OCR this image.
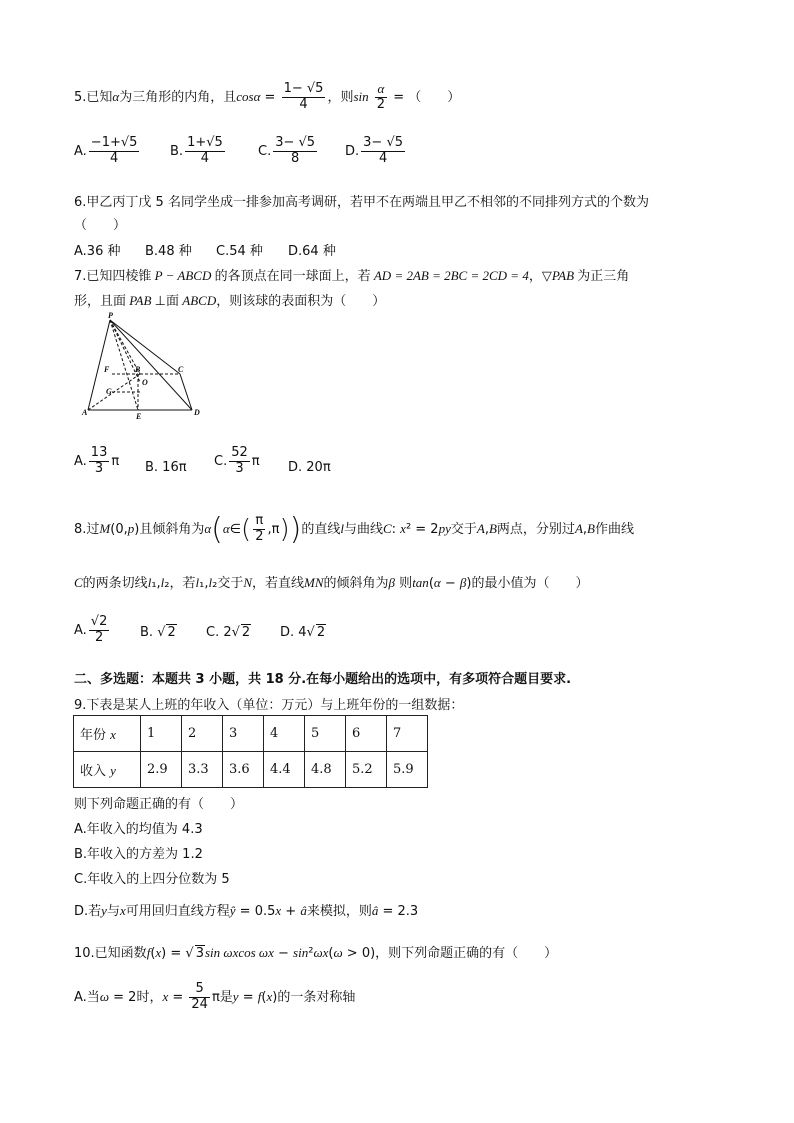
5.已知α为三角形的内角，且$\cos\alpha = \frac{1- √5}{4}$ ，则$\sin \frac{\alpha}{2}$ = （　　）
A. $\frac{-1+√5}{4} B$. $\frac{1+√5}{4}$	C. $\frac{3- √5}{8} D$. $\frac{3- √5}{4}$
6.甲乙丙丁戊 5 名同学坐成一排参加高考调研，若甲不在两端且甲乙不相邻的不同排列方式的个数为
（　　）
A.36 种 B.48 种 C.54 种 D.64 种
7.已知四棱锥 P − ABCD 的各顶点在同一球面上，若 AD = 2AB = 2BC = 2CD = 4，▽PAB 为正三角
形，且面 PAB ⊥面 ABCD，则该球的表面积为（　　）
P
F	B
O
C
G
A	E	D
A. $\frac{13}{3}$ π B. 16π C. $\frac{52}{3}$ π D. 20π
8.过M(0,p)且倾斜角为α(α∈( $\frac{\pi}{2} ,\pi$))的直线l与曲线C: x² = 2py交于A,B两点，分别过A,B作曲线
C的两条切线l₁,l₂，若l₁,l₂交于N，若直线MN的倾斜角为β 则tan(α − β)的最小值为（　　）
A. $\frac{√2}{2} B$. √ 2 C. 2√ 2 D. 4√ 2
二、多选题：本题共 3 小题，共 18 分.在每小题给出的选项中，有多项符合题目要求.
9.下表是某人上班的年收入（单位：万元）与上班年份的一组数据：
年份 x	1	2	3	4	5	6	7
收入 y	2.9	3.3	3.6	4.4	4.8	5.2	5.9
则下列命题正确的有（　　）
A.年收入的均值为 4.3
B.年收入的方差为 1.2
C.年收入的上四分位数为 5
D.若y与x可用回归直线方程ŷ = 0.5x + â来模拟，则â = 2.3
10.已知函数f(x) = √ 3sin ωxcos ωx − sin²ωx(ω > 0)，则下列命题正确的有（　　）
A.当ω = 2时，$x = \frac{5}{24}$ π是y = f(x)的一条对称轴
